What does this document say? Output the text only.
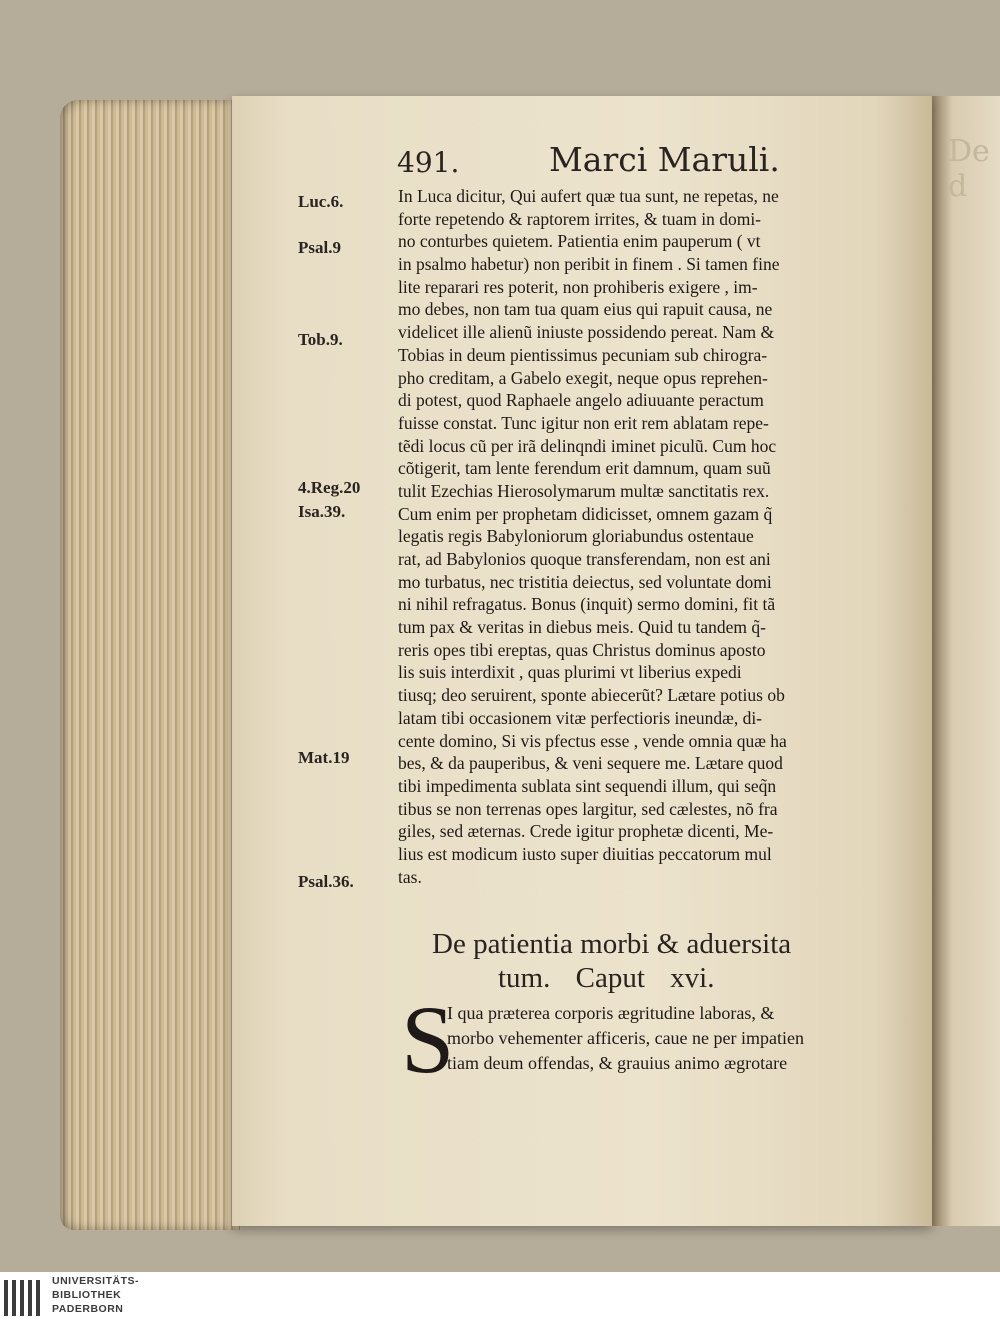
De d
491.	Marci Maruli.
Luc.6.
Psal.9
Tob.9.
4.Reg.20
Isa.39.
Mat.19
Psal.36.
In Luca dicitur, Qui aufert quæ tua sunt, ne repetas, ne
forte repetendo & raptorem irrites, & tuam in domi-
no conturbes quietem. Patientia enim pauperum ( vt
in psalmo habetur) non peribit in finem . Si tamen fine
lite reparari res poterit, non prohiberis exigere , im-
mo debes, non tam tua quam eius qui rapuit causa, ne
videlicet ille alienũ iniuste possidendo pereat. Nam &
Tobias in deum pientissimus pecuniam sub chirogra-
pho creditam, a Gabelo exegit, neque opus reprehen-
di potest, quod Raphaele angelo adiuuante peractum
fuisse constat. Tunc igitur non erit rem ablatam repe-
tẽdi locus cũ per irã delinqndi iminet piculũ. Cum hoc
cõtigerit, tam lente ferendum erit damnum, quam suũ
tulit Ezechias Hierosolymarum multæ sanctitatis rex.
Cum enim per prophetam didicisset, omnem gazam q̃
legatis regis Babyloniorum gloriabundus ostentaue
rat, ad Babylonios quoque transferendam, non est ani
mo turbatus, nec tristitia deiectus, sed voluntate domi
ni nihil refragatus. Bonus (inquit) sermo domini, fit tã
tum pax & veritas in diebus meis. Quid tu tandem q̃-
reris opes tibi ereptas, quas Christus dominus aposto
lis suis interdixit , quas plurimi vt liberius expedi
tiusq; deo seruirent, sponte abiecerũt? Lætare potius ob
latam tibi occasionem vitæ perfectioris ineundæ, di-
cente domino, Si vis pfectus esse , vende omnia quæ ha
bes, & da pauperibus, & veni sequere me. Lætare quod
tibi impedimenta sublata sint sequendi illum, qui seq̃n
tibus se non terrenas opes largitur, sed cælestes, nõ fra
giles, sed æternas. Crede igitur prophetæ dicenti, Me-
lius est modicum iusto super diuitias peccatorum mul
tas.
De patientia morbi & aduersita
tum. Caput xvi.
S
I qua præterea corporis ægritudine laboras, &
morbo vehementer afficeris, caue ne per impatien
tiam deum offendas, & grauius animo ægrotare
UNIVERSITÄTS-
BIBLIOTHEK
PADERBORN
